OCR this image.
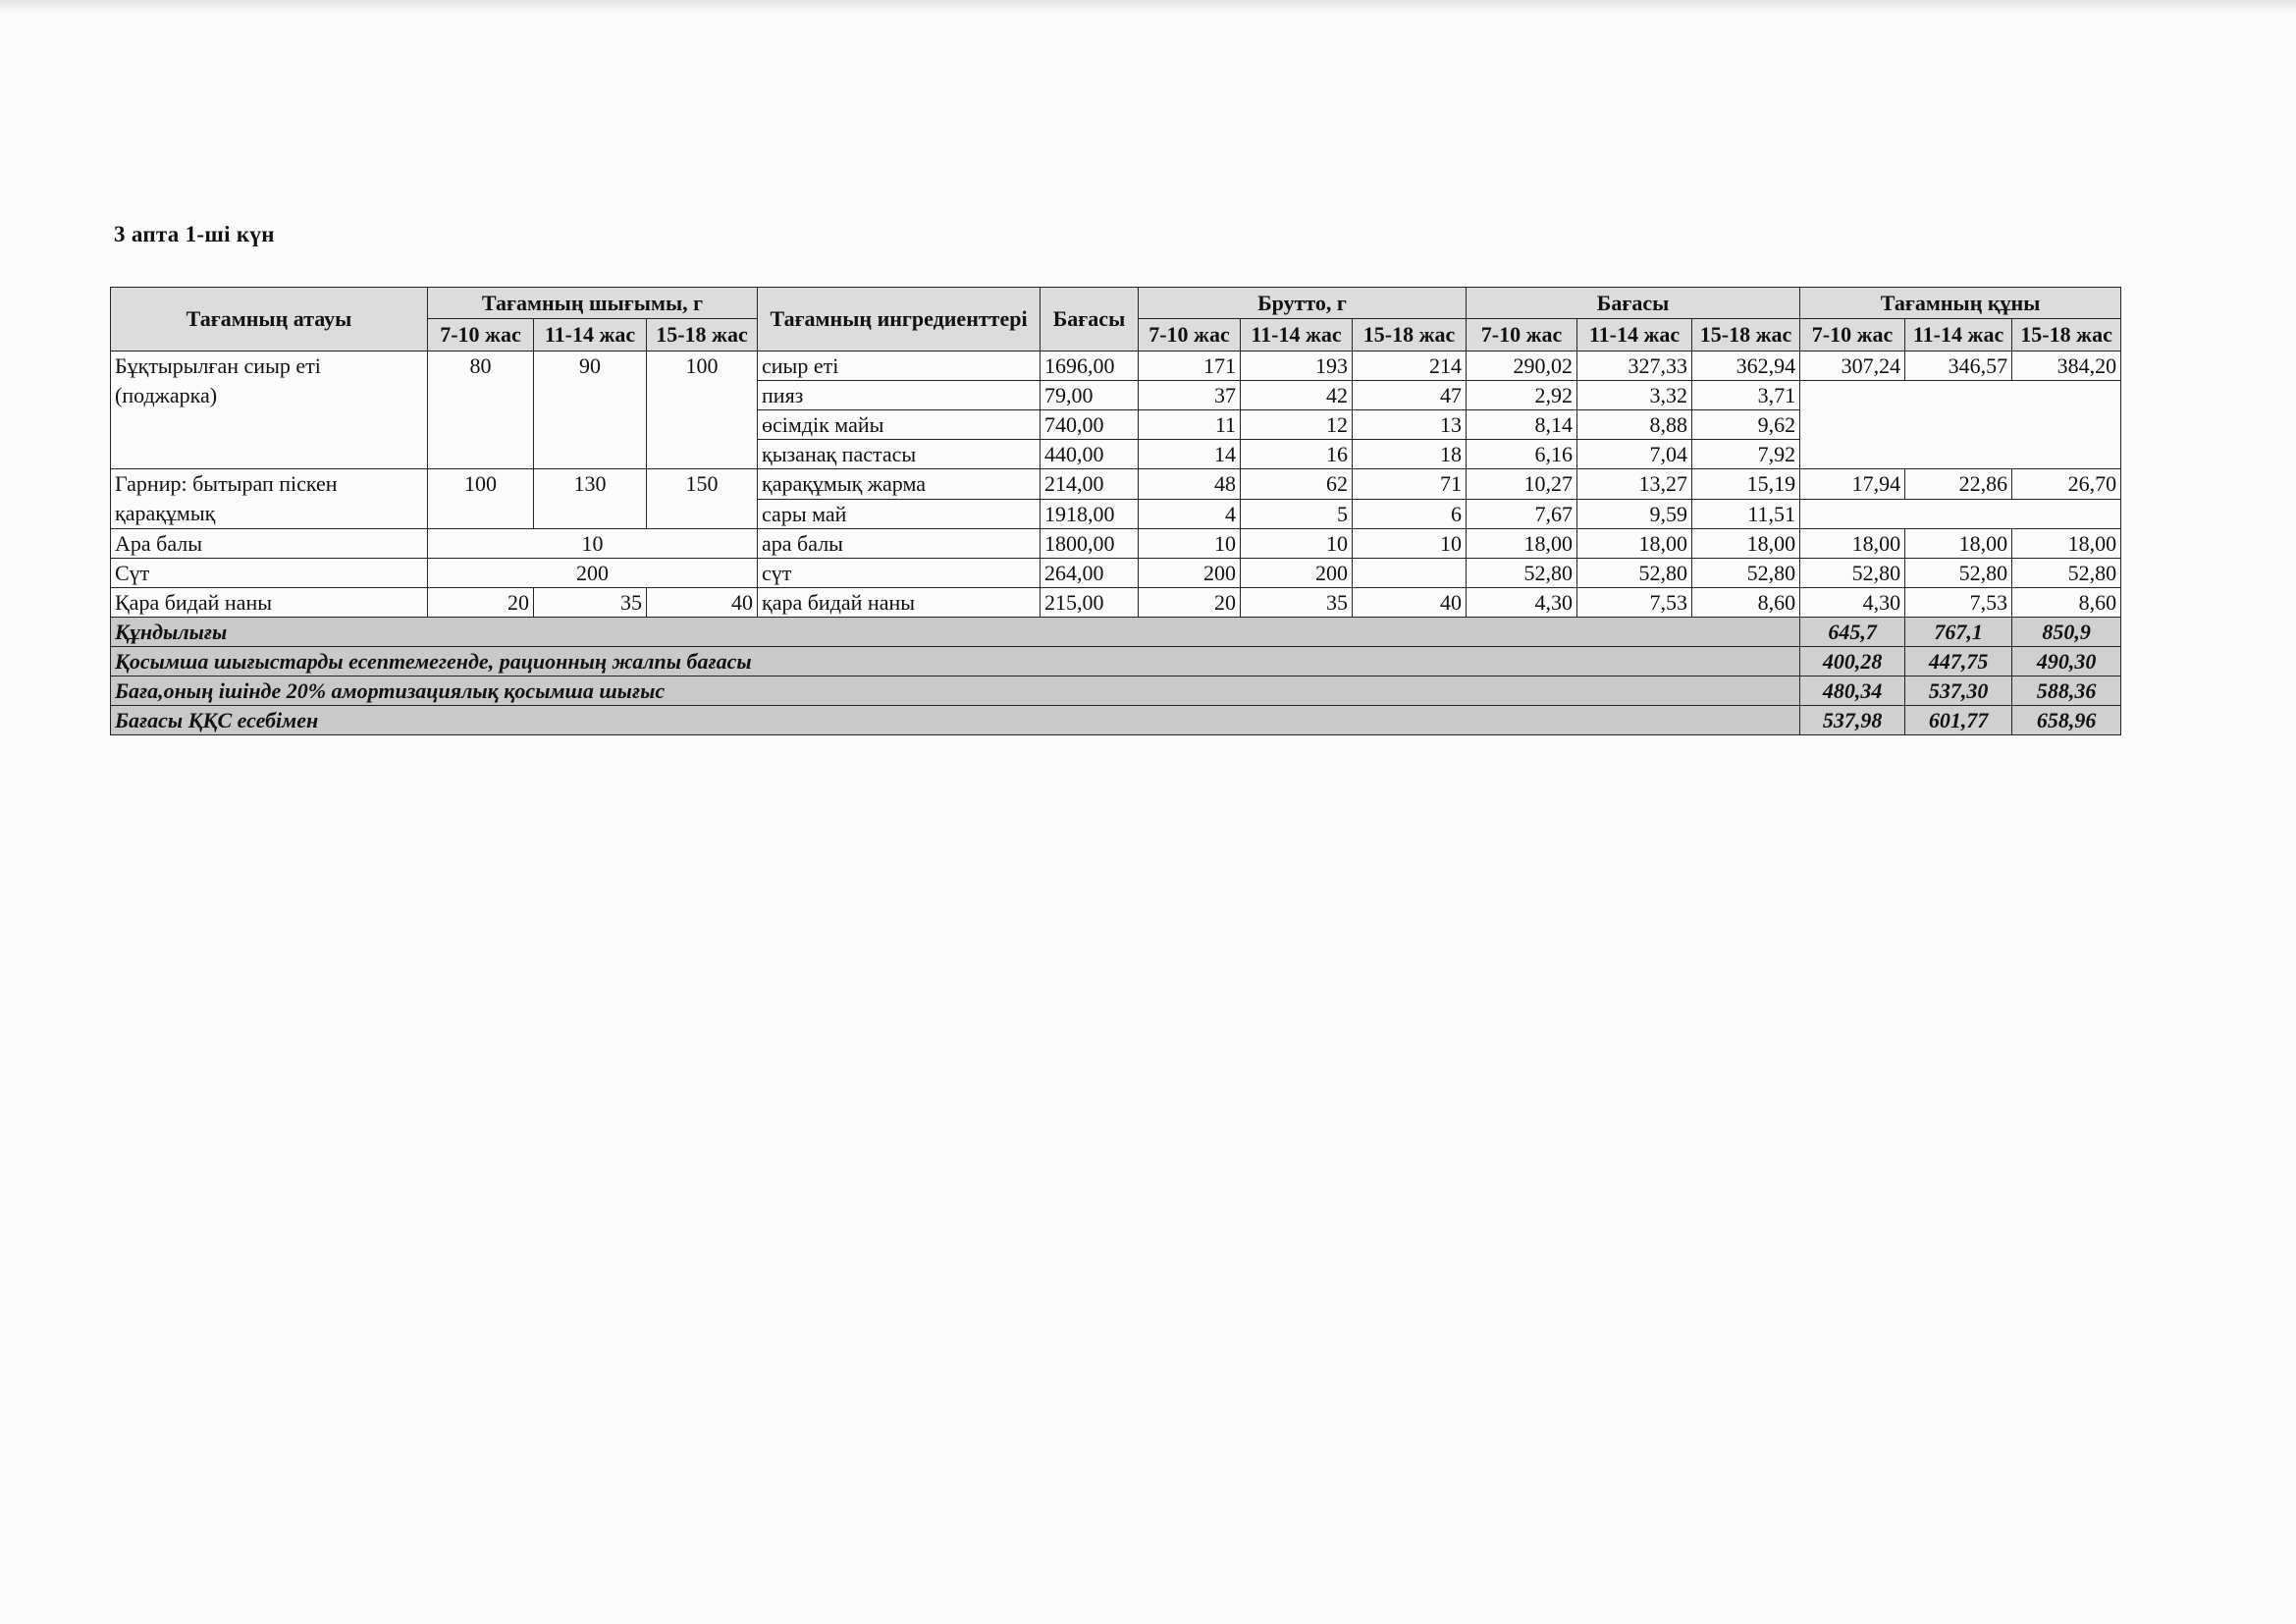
3 апта 1-ші күн
Тағамның атауы	Тағамның шығымы, г			Тағамның ингредиенттері	Бағасы	Брутто, г			Бағасы			Тағамның құны		
	7-10 жас	11-14 жас	15-18 жас			7-10 жас	11-14 жас	15-18 жас	7-10 жас	11-14 жас	15-18 жас	7-10 жас	11-14 жас	15-18 жас
Бұқтырылған сиыр еті (поджарка)	80	90	100	сиыр еті	1696,00	171	193	214	290,02	327,33	362,94	307,24	346,57	384,20
				пияз	79,00	37	42	47	2,92	3,32	3,71			
				өсімдік майы	740,00	11	12	13	8,14	8,88	9,62			
				қызанақ пастасы	440,00	14	16	18	6,16	7,04	7,92			
Гарнир: бытырап піскен қарақұмық	100	130	150	қарақұмық жарма	214,00	48	62	71	10,27	13,27	15,19	17,94	22,86	26,70
				сары май	1918,00	4	5	6	7,67	9,59	11,51			
Ара балы	10			ара балы	1800,00	10	10	10	18,00	18,00	18,00	18,00	18,00	18,00
Сүт	200			сүт	264,00	200	200		52,80	52,80	52,80	52,80	52,80	52,80
Қара бидай наны	20	35	40	қара бидай наны	215,00	20	35	40	4,30	7,53	8,60	4,30	7,53	8,60
Құндылығы												645,7	767,1	850,9
Қосымша шығыстарды есептемегенде, рационның жалпы бағасы												400,28	447,75	490,30
Баға,оның ішінде 20% амортизациялық қосымша шығыс												480,34	537,30	588,36
Бағасы ҚҚС есебімен												537,98	601,77	658,96
